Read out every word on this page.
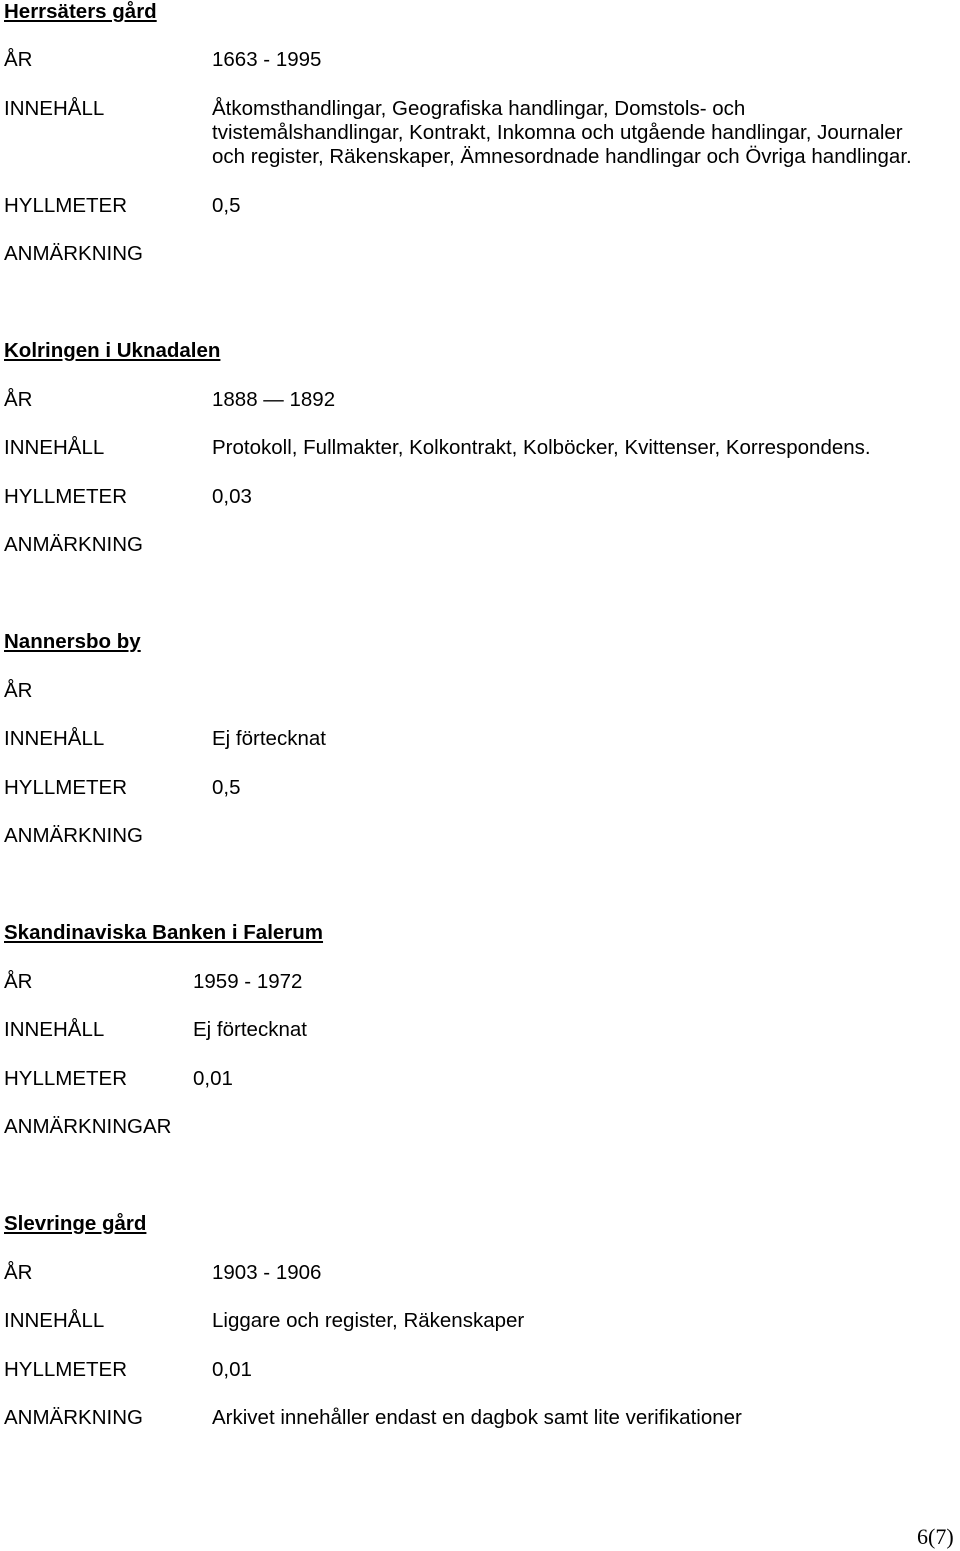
Herrsäters gård
ÅR	1663 - 1995
INNEHÅLL	Åtkomsthandlingar, Geografiska handlingar, Domstols- och
tvistemålshandlingar, Kontrakt, Inkomna och utgående handlingar, Journaler
och register, Räkenskaper, Ämnesordnade handlingar och Övriga handlingar.
HYLLMETER	0,5
ANMÄRKNING
Kolringen i Uknadalen
ÅR	1888 — 1892
INNEHÅLL	Protokoll, Fullmakter, Kolkontrakt, Kolböcker, Kvittenser, Korrespondens.
HYLLMETER	0,03
ANMÄRKNING
Nannersbo by
ÅR
INNEHÅLL	Ej förtecknat
HYLLMETER	0,5
ANMÄRKNING
Skandinaviska Banken i Falerum
ÅR	1959 - 1972
INNEHÅLL	Ej förtecknat
HYLLMETER	0,01
ANMÄRKNINGAR
Slevringe gård
ÅR	1903 - 1906
INNEHÅLL	Liggare och register, Räkenskaper
HYLLMETER	0,01
ANMÄRKNING	Arkivet innehåller endast en dagbok samt lite verifikationer
6(7)
